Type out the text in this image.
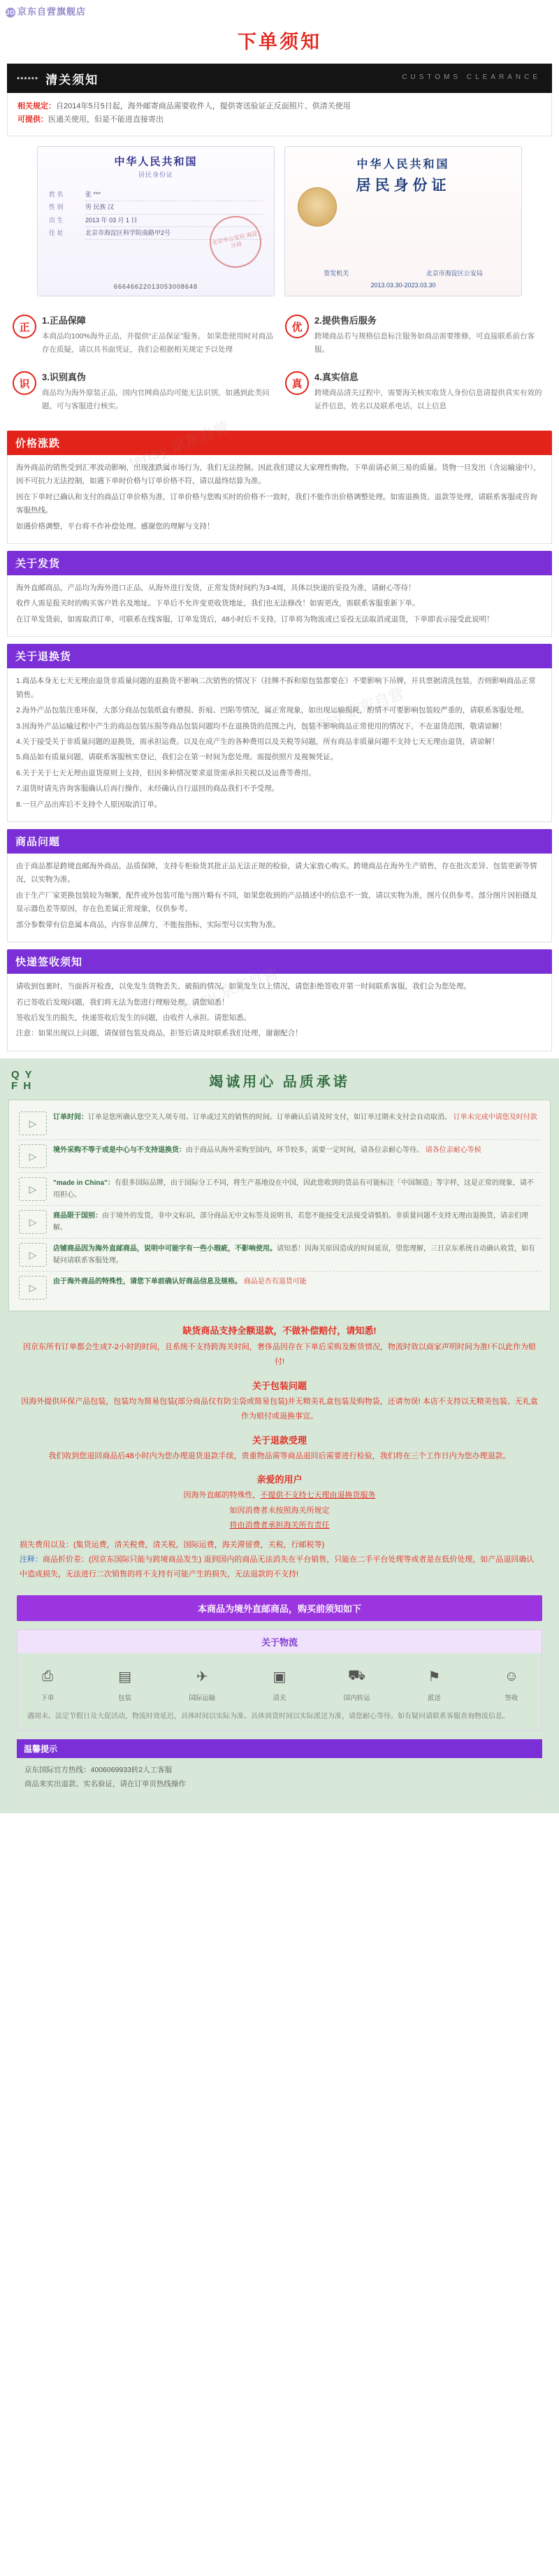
tensy 京东自营
tensy 京东自营
JD 京东自营旗舰店
下单须知
•••••• 清关须知	CUSTOMS CLEARANCE
相关规定：自2014年5月5日起，海外邮寄商品需要收件人，提供寄送验证正反面照片、供清关使用
可提供：医通关使用，但是不能进直接寄出
中华人民共和国
居民身份证
姓 名	张 ***
性 别	男 民族 汉
出 生	2013 年 03 月 1 日
住 址	北京市海淀区科学院南路甲2号	北京市公安局 海淀分局
66646622013053008648
中华人民共和国
居民身份证
签发机关	北京市海淀区公安局
2013.03.30-2023.03.30
正
1.正品保障
本商品均100%海外正品，并提供“正品保证”服务。 如果您使用时对商品存在质疑，请以具书面凭证，我们会根据相关规定予以处理
优
2.提供售后服务
跨境商品若与规格信息标注服务如商品需要维修，可直接联系前台客服。
识
3.识别真伪
商品均为海外原装正品，国内官网商品均可能无法识别，如遇到此类问题，可与客服进行核实。
真
4.真实信息
跨境商品清关过程中，需要海关核实收货人身份信息请提供真实有效的证件信息，姓名以及联系电话，以上信息
价格涨跌

海外商品的销售受到汇率波动影响，出现涨跌属市场行为，我们无法控制。因此我们建议大家理性购物。下单前请必须三易的质量。货物一旦发出（含运输途中），因不可抗力无法控制，如遇下单时价格与订单价格不符，请以最终结算为准。

因在下单时已确认和支付的商品订单价格为准，订单价格与您购买时的价格不一致时，我们不能作出价格调整处理。如需退换货、退款等处理，请联系客服或咨询客服热线。

如遇价格调整，平台将不作补偿处理。感谢您的理解与支持！

关于发货

海外直邮商品，产品均为海外进口正品，从海外进行发货，正常发货时间约为3-4周，具体以快递的妥投为准，请耐心等待！

收件人需是报关时的购买客户姓名及地址。下单后不允许变更收货地址，我们也无法修改！如需更改，需联系客服重新下单。

在订单发货前，如需取消订单，可联系在线客服，订单发货后，48小时后不支持，订单将为物流或已妥投无法取消或退货，下单即表示接受此说明！

关于退换货

1.商品本身无七天无理由退货非质量问题的退换货不影响二次销售的情况下（挂牌不拆和原包装都要在）不要影响下吊牌，开具票据清洗包装，否则影响商品正常销售。

2.海外产品包装注重环保，大部分商品包装纸盒有磨损、折痕、凹陷等情况，属正常现象，如出现运输损耗，酌情不可要影响包装较严重的，请联系客服处理。

3.因海外产品运输过程中产生的商品包装压损等商品包装问题均不在退换货的范围之内，包装不影响商品正常使用的情况下，不在退货范围，敬请谅解！

4.关于接受关于非质量问题的退换货，需承担运费。以及在成产生的各种费用以及关税等问题，所有商品非质量问题不支持七天无理由退货，请谅解！

5.商品如有质量问题，请联系客服核实登记，我们会在第一时间为您处理。需提供照片及视频凭证。

6.关于关于七天无理由退货原则上支持，但因多种情况要求退货需承担关税以及运费等费用。

7.退货时请先咨询客服确认后再行操作，未经确认自行退回的商品我们不予受理。

8.一旦产品出库后不支持个人原因取消订单。

商品问题

由于商品都是跨境直邮海外商品，品质保障，支持专柜验货其批正品无法正规的检验，请大家放心购买。跨境商品在海外生产销售，存在批次差异、包装更新等情况，以实物为准。

由于生产厂家更换包装较为频繁，配件或外包装可能与图片略有不同，如果您收到的产品描述中的信息不一致，请以实物为准，图片仅供参考。部分图片因拍摄及显示器色差等原因，存在色差属正常现象，仅供参考。

部分参数带有信息属本商品，内容非品牌方，不能按指标，实际型号以实物为准。

快递签收须知

请收到包裹时，当面拆开检查，以免发生货物丢失、破损的情况。如果发生以上情况，请您拒绝签收并第一时间联系客服，我们会为您处理。

若已签收后发现问题，我们将无法为您进行理赔处理，请您知悉！

签收后发生的损失，快递签收后发生的问题，由收件人承担。请您知悉。

注意：如果出现以上问题，请保留包装及商品，拒签后请及时联系我们处理，谢谢配合！

Q Y
F H	竭诚用心 品质承诺
▷	订单时间：订单是您所确认您空关人项专用、订单或过关的销售的时间。订单确认后请及时支付，如订单过期未支付会自动取消。 订单未完成中请您及时付款
▷	境外采购不等于或是中心与不支持退换货：由于商品从海外采购至国内，环节较多，需要一定时间，请各位亲耐心等待。 请各位亲耐心等候
▷	"made in China"：有很多国际品牌，由于国际分工不同，将生产基地设在中国，因此您收到的货品有可能标注「中国制造」等字样，这是正常的现象，请不用担心。
▷	商品限于国别：由于境外的发货，非中文标识，部分商品无中文标签及说明书，若您不能接受无法接受请慎拍。非质量问题不支持无理由退换货，请亲们理解。
▷	店铺商品因为海外直邮商品，说明中可能字有一些小瑕疵，不影响使用。请知悉！因海关原因造成的时间延误，望您理解，三日京东系统自动确认收货，如有疑问请联系客服处理。
▷	由于海外商品的特殊性，请您下单前确认好商品信息及规格。 商品是否有退货可能
缺货商品支持全额退款，不做补偿赔付，请知悉!
因京东所有订单都会生成7-2小时的时间，且系统不支持跨海关时间，奢侈品因存在下单后采购及断货情况，物流时效以商家声明时间为准!不以此作为赔付!
关于包装问题
因海外提供环保产品包装，包装均为简易包装(部分商品仅有防尘袋或简易包装)并无精美礼盒包装及购物袋，还请勿误! 本店不支持以无精美包装、无礼盒作为赔付或退换事宜。
关于退款受理
我们收到您退回商品后48小时内为您办理退货退款手续，贵重物品需等商品退回后需要进行检验，我们将在三个工作日内为您办理退款。
亲爱的用户
因海外直邮的特殊性，不提供不支持七天理由退换货服务
如因消费者未按照海关所规定
将由消费者承担海关所有责任
损失费用以及：(集货运费，清关税费，清关税，国际运费，海关滞留费，关税，行邮税等)
注释：商品折价差：(因京东国际只能与跨境商品发生) 退到国内的商品无法消失在平台销售，只能在二手平台处理等或者是在低价处理，如产品退回确认中造成损失，无法进行二次销售的将不支持有可能产生的损失，无法退款的不支持!
本商品为境外直邮商品，购买前须知如下
关于物流
⎙
下单
▤
包装
✈
国际运输
▣
清关
⛟
国内转运
⚑
派送
☺
签收
遇周末、法定节假日及大促活动，物流时效延迟，具体时间以实际为准。具体到货时间以实际派送为准，请您耐心等待。如有疑问请联系客服查询物流信息。
温馨提示
京东国际官方热线：4006069933转2人工客服
商品来实出退款、实名验证，请在订单页热线操作
